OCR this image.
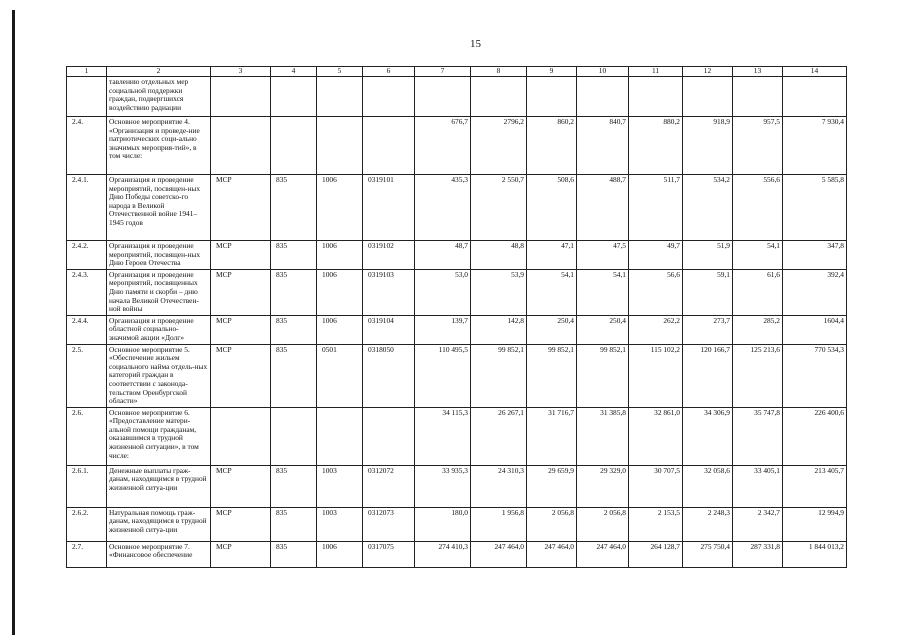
15
1	2	3	4	5	6	7	8	9	10	11	12	13	14
	тавлению отдельных мер социальной поддержки граждан, подвергшихся воздействию радиации												
2.4.	Основное мероприятие 4. «Организация и проведе-ние патриотических соци-ально значимых мероприя-тий», в том числе:					676,7	2796,2	860,2	840,7	880,2	918,9	957,5	7 930,4
2.4.1.	Организация и проведение мероприятий, посвящен-ных Дню Победы советско-го народа в Великой Отечественной войне 1941–1945 годов	МСР	835	1006	0319101	435,3	2 550,7	508,6	488,7	511,7	534,2	556,6	5 585,8
2.4.2.	Организация и проведение мероприятий, посвящен-ных Дню Героев Отечества	МСР	835	1006	0319102	48,7	48,8	47,1	47,5	49,7	51,9	54,1	347,8
2.4.3.	Организация и проведение мероприятий, посвященных Дню памяти и скорби – дню начала Великой Отечествен-ной войны	МСР	835	1006	0319103	53,0	53,9	54,1	54,1	56,6	59,1	61,6	392,4
2.4.4.	Организация и проведение областной социально-значимой акции «Долг»	МСР	835	1006	0319104	139,7	142,8	250,4	250,4	262,2	273,7	285,2	1604,4
2.5.	Основное мероприятие 5. «Обеспечение жильем социального найма отдель-ных категорий граждан в соответствии с законода-тельством Оренбургской области»	МСР	835	0501	0318050	110 495,5	99 852,1	99 852,1	99 852,1	115 102,2	120 166,7	125 213,6	770 534,3
2.6.	Основное мероприятие 6. «Предоставление матери-альной помощи гражданам, оказавшимся в трудной жизненной ситуации», в том числе:					34 115,3	26 267,1	31 716,7	31 385,8	32 861,0	34 306,9	35 747,8	226 400,6
2.6.1.	Денежные выплаты граж-данам, находящимся в трудной жизненной ситуа-ции	МСР	835	1003	0312072	33 935,3	24 310,3	29 659,9	29 329,0	30 707,5	32 058,6	33 405,1	213 405,7
2.6.2.	Натуральная помощь граж-данам, находящимся в трудной жизненной ситуа-ции	МСР	835	1003	0312073	180,0	1 956,8	2 056,8	2 056,8	2 153,5	2 248,3	2 342,7	12 994,9
2.7.	Основное мероприятие 7. «Финансовое обеспечение	МСР	835	1006	0317075	274 410,3	247 464,0	247 464,0	247 464,0	264 128,7	275 750,4	287 331,8	1 844 013,2
